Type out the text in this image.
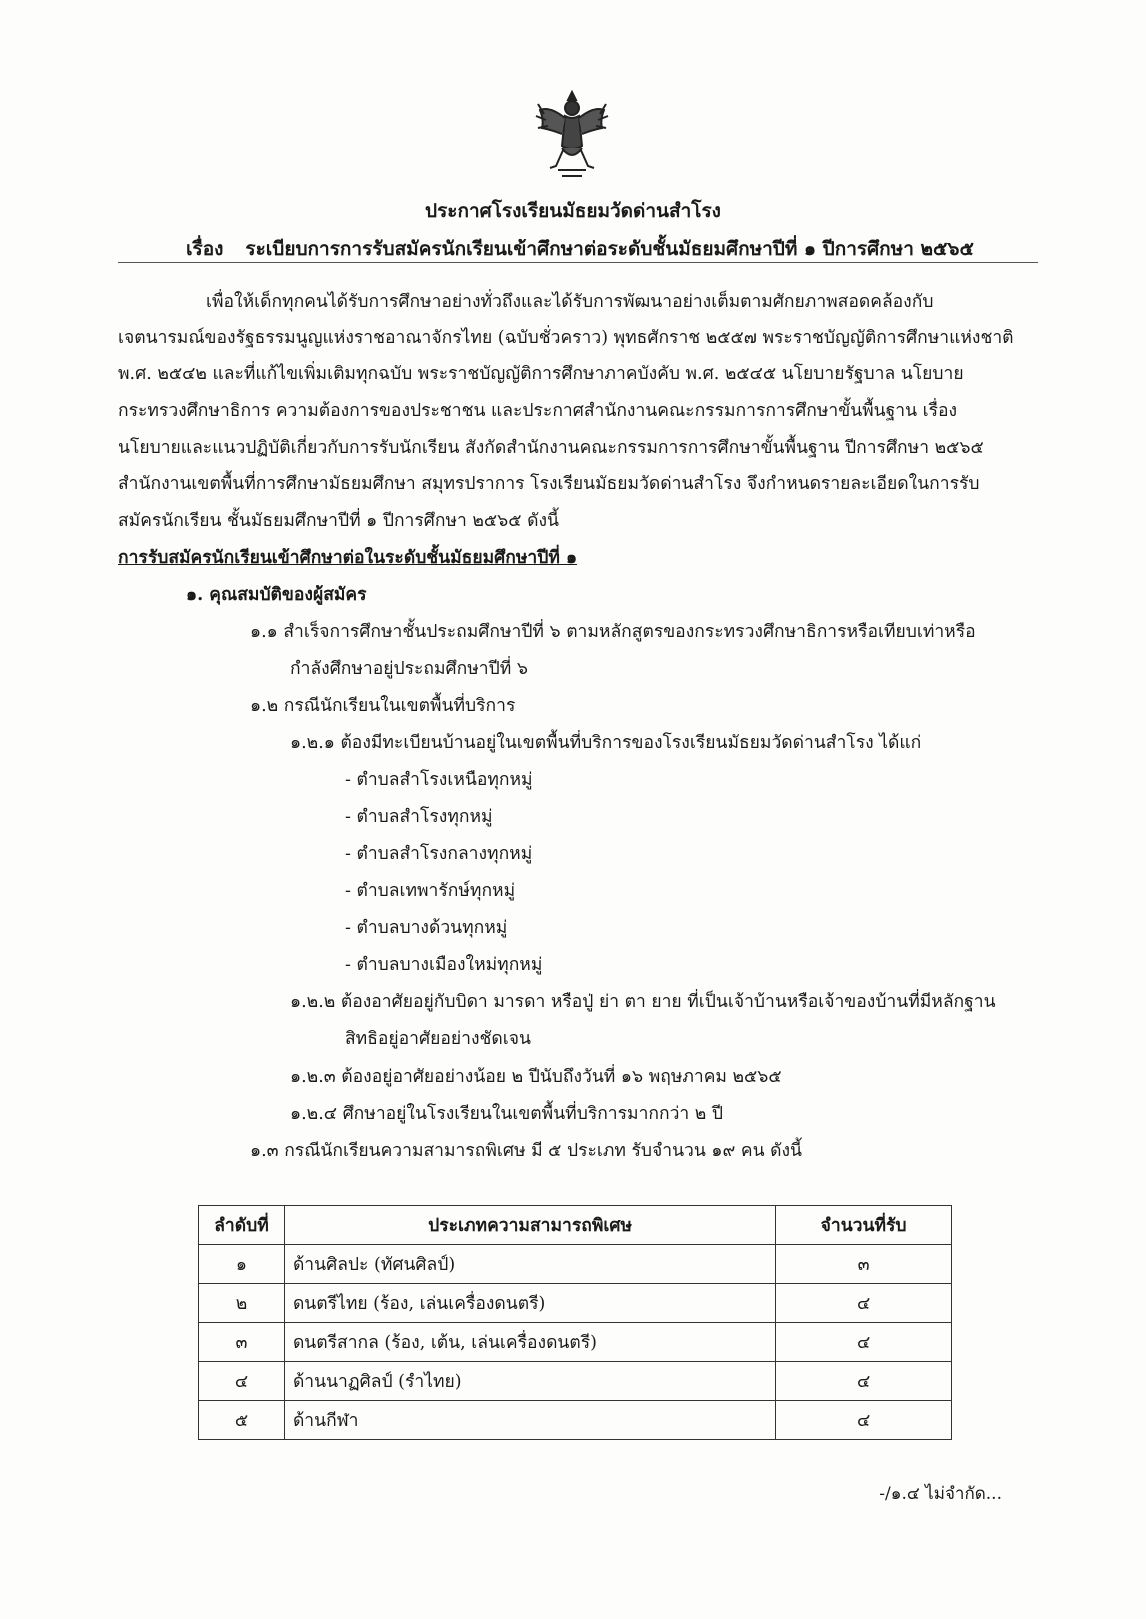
ประกาศโรงเรียนมัธยมวัดด่านสำโรง
เรื่อง ระเบียบการการรับสมัครนักเรียนเข้าศึกษาต่อระดับชั้นมัธยมศึกษาปีที่ ๑ ปีการศึกษา ๒๕๖๕
เพื่อให้เด็กทุกคนได้รับการศึกษาอย่างทั่วถึงและได้รับการพัฒนาอย่างเต็มตามศักยภาพสอดคล้องกับ
เจตนารมณ์ของรัฐธรรมนูญแห่งราชอาณาจักรไทย (ฉบับชั่วคราว) พุทธศักราช ๒๕๕๗ พระราชบัญญัติการศึกษาแห่งชาติ
พ.ศ. ๒๕๔๒ และที่แก้ไขเพิ่มเติมทุกฉบับ พระราชบัญญัติการศึกษาภาคบังคับ พ.ศ. ๒๕๔๕ นโยบายรัฐบาล นโยบาย
กระทรวงศึกษาธิการ ความต้องการของประชาชน และประกาศสำนักงานคณะกรรมการการศึกษาขั้นพื้นฐาน เรื่อง
นโยบายและแนวปฏิบัติเกี่ยวกับการรับนักเรียน สังกัดสำนักงานคณะกรรมการการศึกษาขั้นพื้นฐาน ปีการศึกษา ๒๕๖๕
สำนักงานเขตพื้นที่การศึกษามัธยมศึกษา สมุทรปราการ โรงเรียนมัธยมวัดด่านสำโรง จึงกำหนดรายละเอียดในการรับ
สมัครนักเรียน ชั้นมัธยมศึกษาปีที่ ๑ ปีการศึกษา ๒๕๖๕ ดังนี้
การรับสมัครนักเรียนเข้าศึกษาต่อในระดับชั้นมัธยมศึกษาปีที่ ๑
๑. คุณสมบัติของผู้สมัคร
๑.๑ สำเร็จการศึกษาชั้นประถมศึกษาปีที่ ๖ ตามหลักสูตรของกระทรวงศึกษาธิการหรือเทียบเท่าหรือ
กำลังศึกษาอยู่ประถมศึกษาปีที่ ๖
๑.๒ กรณีนักเรียนในเขตพื้นที่บริการ
๑.๒.๑ ต้องมีทะเบียนบ้านอยู่ในเขตพื้นที่บริการของโรงเรียนมัธยมวัดด่านสำโรง ได้แก่
- ตำบลสำโรงเหนือทุกหมู่
- ตำบลสำโรงทุกหมู่
- ตำบลสำโรงกลางทุกหมู่
- ตำบลเทพารักษ์ทุกหมู่
- ตำบลบางด้วนทุกหมู่
- ตำบลบางเมืองใหม่ทุกหมู่
๑.๒.๒ ต้องอาศัยอยู่กับบิดา มารดา หรือปู่ ย่า ตา ยาย ที่เป็นเจ้าบ้านหรือเจ้าของบ้านที่มีหลักฐาน
สิทธิอยู่อาศัยอย่างชัดเจน
๑.๒.๓ ต้องอยู่อาศัยอย่างน้อย ๒ ปีนับถึงวันที่ ๑๖ พฤษภาคม ๒๕๖๕
๑.๒.๔ ศึกษาอยู่ในโรงเรียนในเขตพื้นที่บริการมากกว่า ๒ ปี
๑.๓ กรณีนักเรียนความสามารถพิเศษ มี ๕ ประเภท รับจำนวน ๑๙ คน ดังนี้
ลำดับที่	ประเภทความสามารถพิเศษ	จำนวนที่รับ
๑	ด้านศิลปะ (ทัศนศิลป์)	๓
๒	ดนตรีไทย (ร้อง, เล่นเครื่องดนตรี)	๔
๓	ดนตรีสากล (ร้อง, เต้น, เล่นเครื่องดนตรี)	๔
๔	ด้านนาฏศิลป์ (รำไทย)	๔
๕	ด้านกีฬา	๔
-/๑.๔ ไม่จำกัด...
